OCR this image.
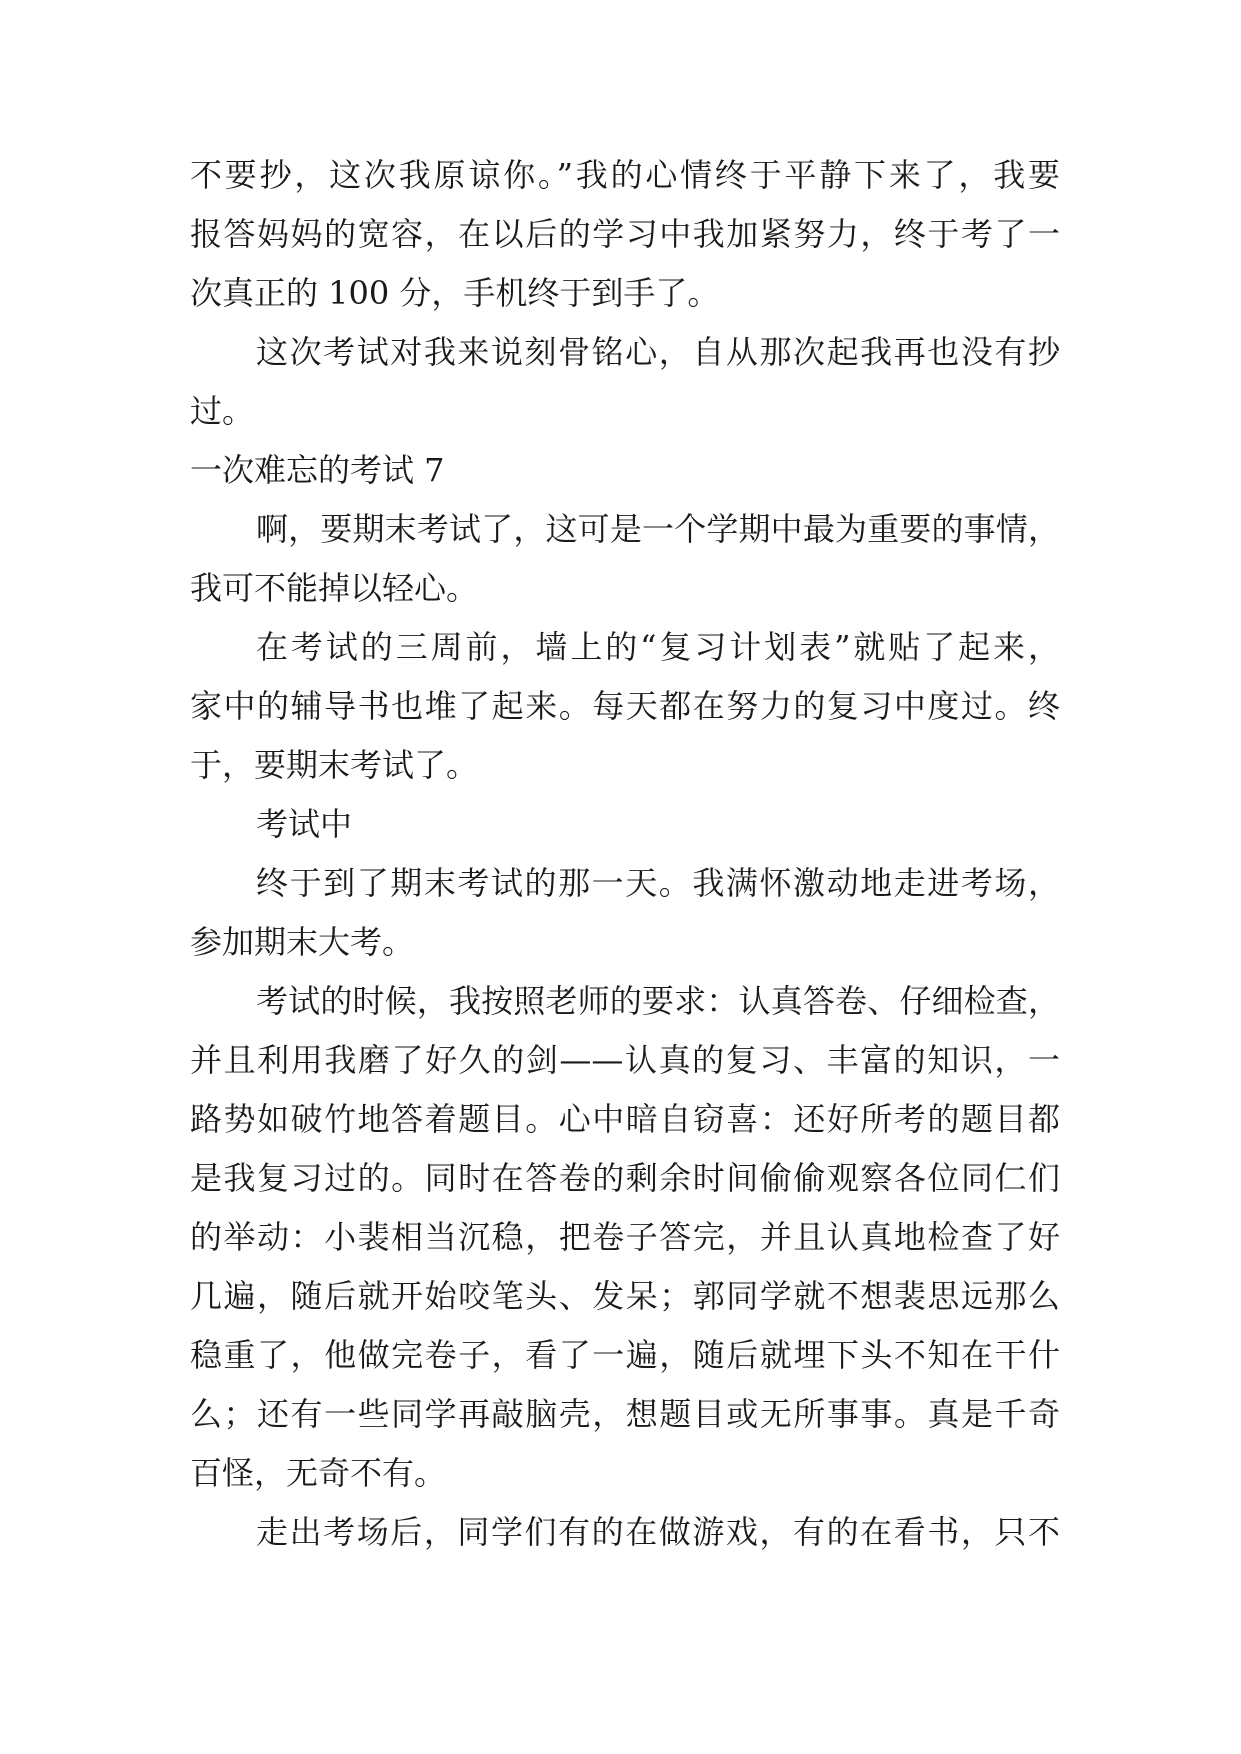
不要抄，这次我原谅你。”我的心情终于平静下来了，我要
报答妈妈的宽容，在以后的学习中我加紧努力，终于考了一
次真正的 100 分，手机终于到手了。
这次考试对我来说刻骨铭心，自从那次起我再也没有抄
过。
一次难忘的考试 7
啊，要期末考试了，这可是一个学期中最为重要的事情，
我可不能掉以轻心。
在考试的三周前，墙上的“复习计划表”就贴了起来，
家中的辅导书也堆了起来。每天都在努力的复习中度过。终
于，要期末考试了。
考试中
终于到了期末考试的那一天。我满怀激动地走进考场，
参加期末大考。
考试的时候，我按照老师的要求：认真答卷、仔细检查，
并且利用我磨了好久的剑——认真的复习、丰富的知识，一
路势如破竹地答着题目。心中暗自窃喜：还好所考的题目都
是我复习过的。同时在答卷的剩余时间偷偷观察各位同仁们
的举动：小裴相当沉稳，把卷子答完，并且认真地检查了好
几遍，随后就开始咬笔头、发呆；郭同学就不想裴思远那么
稳重了，他做完卷子，看了一遍，随后就埋下头不知在干什
么；还有一些同学再敲脑壳，想题目或无所事事。真是千奇
百怪，无奇不有。
走出考场后，同学们有的在做游戏，有的在看书，只不
